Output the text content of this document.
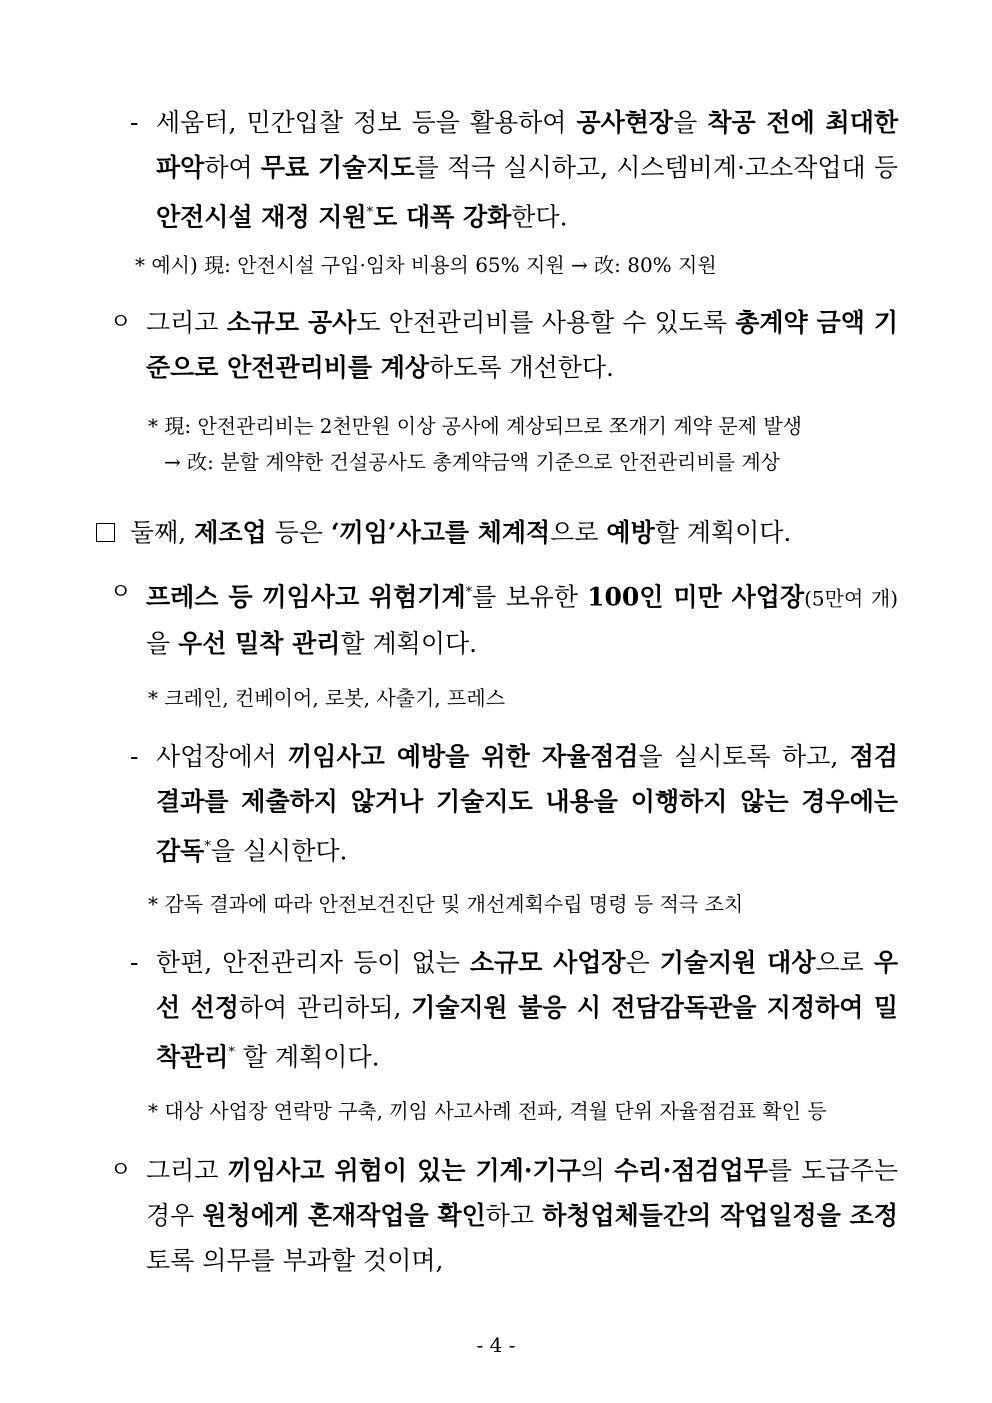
- 세움터, 민간입찰 정보 등을 활용하여 공사현장을 착공 전에 최대한 파악하여 무료 기술지도를 적극 실시하고, 시스템비계·고소작업대 등 안전시설 재정 지원*도 대폭 강화한다.
* 예시) 現: 안전시설 구입·임차 비용의 65% 지원 → 改: 80% 지원
ㅇ 그리고 소규모 공사도 안전관리비를 사용할 수 있도록 총계약 금액 기준으로 안전관리비를 계상하도록 개선한다.
* 現: 안전관리비는 2천만원 이상 공사에 계상되므로 쪼개기 계약 문제 발생
→ 改: 분할 계약한 건설공사도 총계약금액 기준으로 안전관리비를 계상
둘째, 제조업 등은 ‘끼임’사고를 체계적으로 예방할 계획이다.
ㅇ 프레스 등 끼임사고 위험기계*를 보유한 100인 미만 사업장(5만여 개)을 우선 밀착 관리할 계획이다.
* 크레인, 컨베이어, 로봇, 사출기, 프레스
- 사업장에서 끼임사고 예방을 위한 자율점검을 실시토록 하고, 점검결과를 제출하지 않거나 기술지도 내용을 이행하지 않는 경우에는 감독*을 실시한다.
* 감독 결과에 따라 안전보건진단 및 개선계획수립 명령 등 적극 조치
- 한편, 안전관리자 등이 없는 소규모 사업장은 기술지원 대상으로 우선 선정하여 관리하되, 기술지원 불응 시 전담감독관을 지정하여 밀착관리* 할 계획이다.
* 대상 사업장 연락망 구축, 끼임 사고사례 전파, 격월 단위 자율점검표 확인 등
ㅇ 그리고 끼임사고 위험이 있는 기계·기구의 수리·점검업무를 도급주는 경우 원청에게 혼재작업을 확인하고 하청업체들간의 작업일정을 조정토록 의무를 부과할 것이며,
- 4 -
